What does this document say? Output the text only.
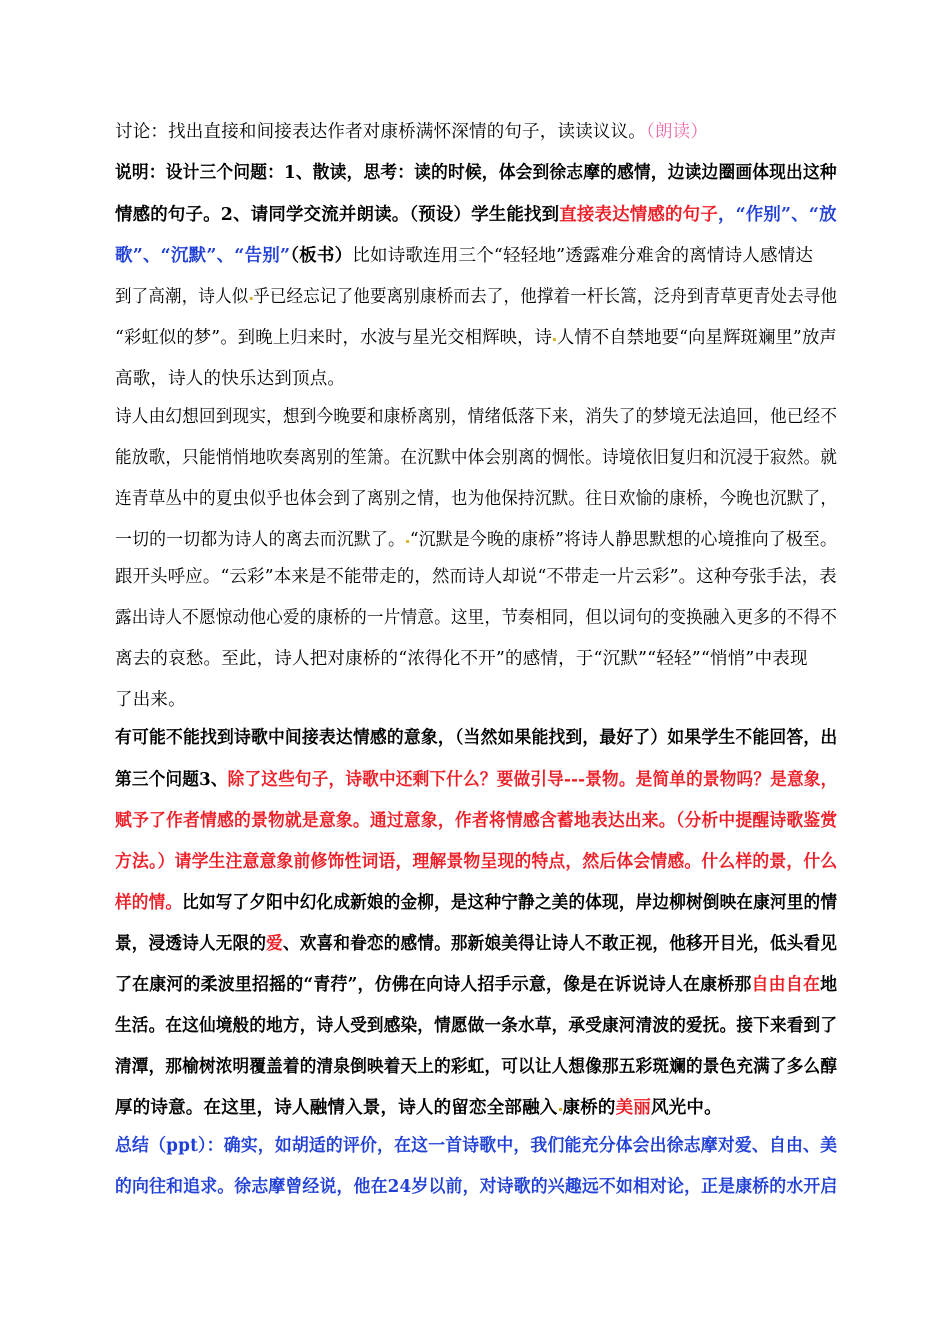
讨论：找出直接和间接表达作者对康桥满怀深情的句子，读读议议。（朗读）
说明：设计三个问题：1、散读，思考：读的时候，体会到徐志摩的感情，边读边圈画体现出这种
情感的句子。2、请同学交流并朗读。（预设）学生能找到直接表达情感的句子，“作别”、“放
歌”、“沉默”、“告别”（板书）比如诗歌连用三个“轻轻地”透露难分难舍的离情诗人感情达
到了高潮，诗人似 乎已经忘记了他要离别康桥而去了，他撑着一杆长篙，泛舟到青草更青处去寻他
“彩虹似的梦”。到晚上归来时，水波与星光交相辉映，诗 人情不自禁地要“向星辉斑斓里”放声
高歌，诗人的快乐达到顶点。
诗人由幻想回到现实，想到今晚要和康桥离别，情绪低落下来，消失了的梦境无法追回，他已经不
能放歌，只能悄悄地吹奏离别的笙箫。在沉默中体会别离的惆怅。诗境依旧复归和沉浸于寂然。就
连青草丛中的夏虫似乎也体会到了离别之情，也为他保持沉默。往日欢愉的康桥，今晚也沉默了，
一切的一切都为诗人的离去而沉默了。 “沉默是今晚的康桥”将诗人静思默想的心境推向了极至。
跟开头呼应。“云彩”本来是不能带走的，然而诗人却说“不带走一片云彩”。这种夸张手法，表
露出诗人不愿惊动他心爱的康桥的一片情意。这里，节奏相同，但以词句的变换融入更多的不得不
离去的哀愁。至此，诗人把对康桥的“浓得化不开”的感情，于“沉默”“轻轻”“悄悄”中表现
了出来。
有可能不能找到诗歌中间接表达情感的意象，（当然如果能找到，最好了）如果学生不能回答，出
第三个问题3、除了这些句子，诗歌中还剩下什么？要做引导---景物。是简单的景物吗？是意象，
赋予了作者情感的景物就是意象。通过意象，作者将情感含蓄地表达出来。（分析中提醒诗歌鉴赏
方法。）请学生注意意象前修饰性词语，理解景物呈现的特点，然后体会情感。什么样的景，什么
样的情。比如写了夕阳中幻化成新娘的金柳，是这种宁静之美的体现，岸边柳树倒映在康河里的情
景，浸透诗人无限的爱、欢喜和眷恋的感情。那新娘美得让诗人不敢正视，他移开目光，低头看见
了在康河的柔波里招摇的“青荇”，仿佛在向诗人招手示意，像是在诉说诗人在康桥那自由自在地
生活。在这仙境般的地方，诗人受到感染，情愿做一条水草，承受康河清波的爱抚。接下来看到了
清潭，那榆树浓明覆盖着的清泉倒映着天上的彩虹，可以让人想像那五彩斑斓的景色充满了多么醇
厚的诗意。在这里，诗人融情入景，诗人的留恋全部融入 康桥的美丽风光中。
总结（ppt）：确实，如胡适的评价，在这一首诗歌中，我们能充分体会出徐志摩对爱、自由、美
的向往和追求。徐志摩曾经说，他在24岁以前，对诗歌的兴趣远不如相对论，正是康桥的水开启
